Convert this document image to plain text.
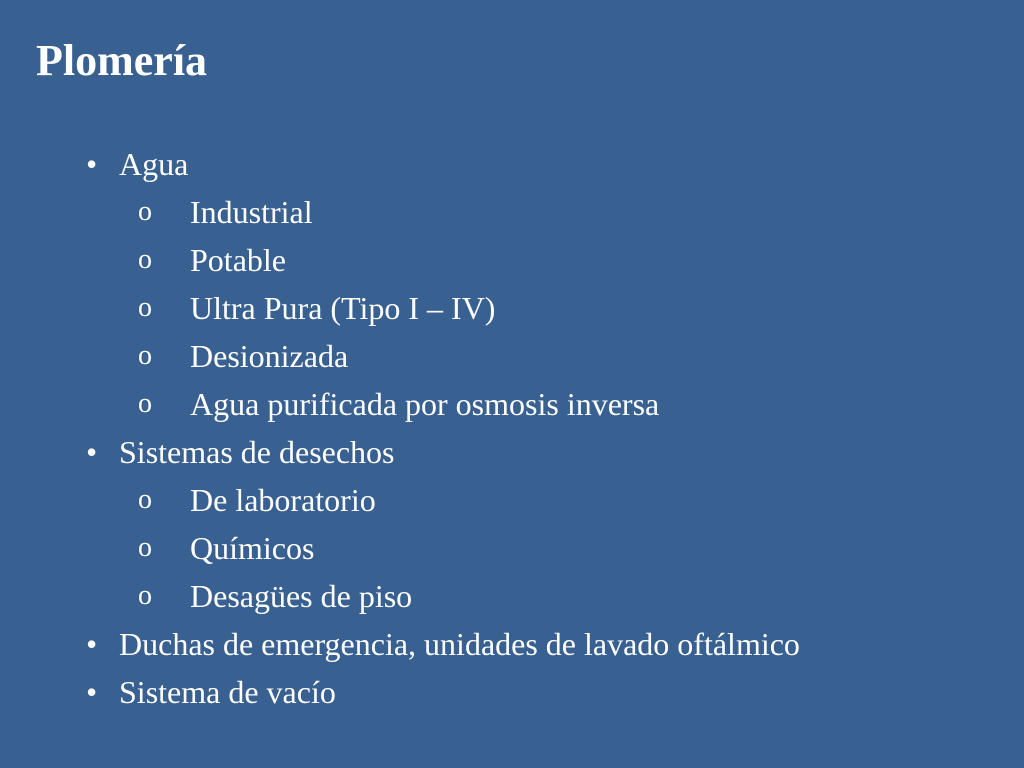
Plomería
• Agua
o Industrial
o Potable
o Ultra Pura (Tipo I – IV)
o Desionizada
o Agua purificada por osmosis inversa
• Sistemas de desechos
o De laboratorio
o Químicos
o Desagües de piso
• Duchas de emergencia, unidades de lavado oftálmico
• Sistema de vacío
